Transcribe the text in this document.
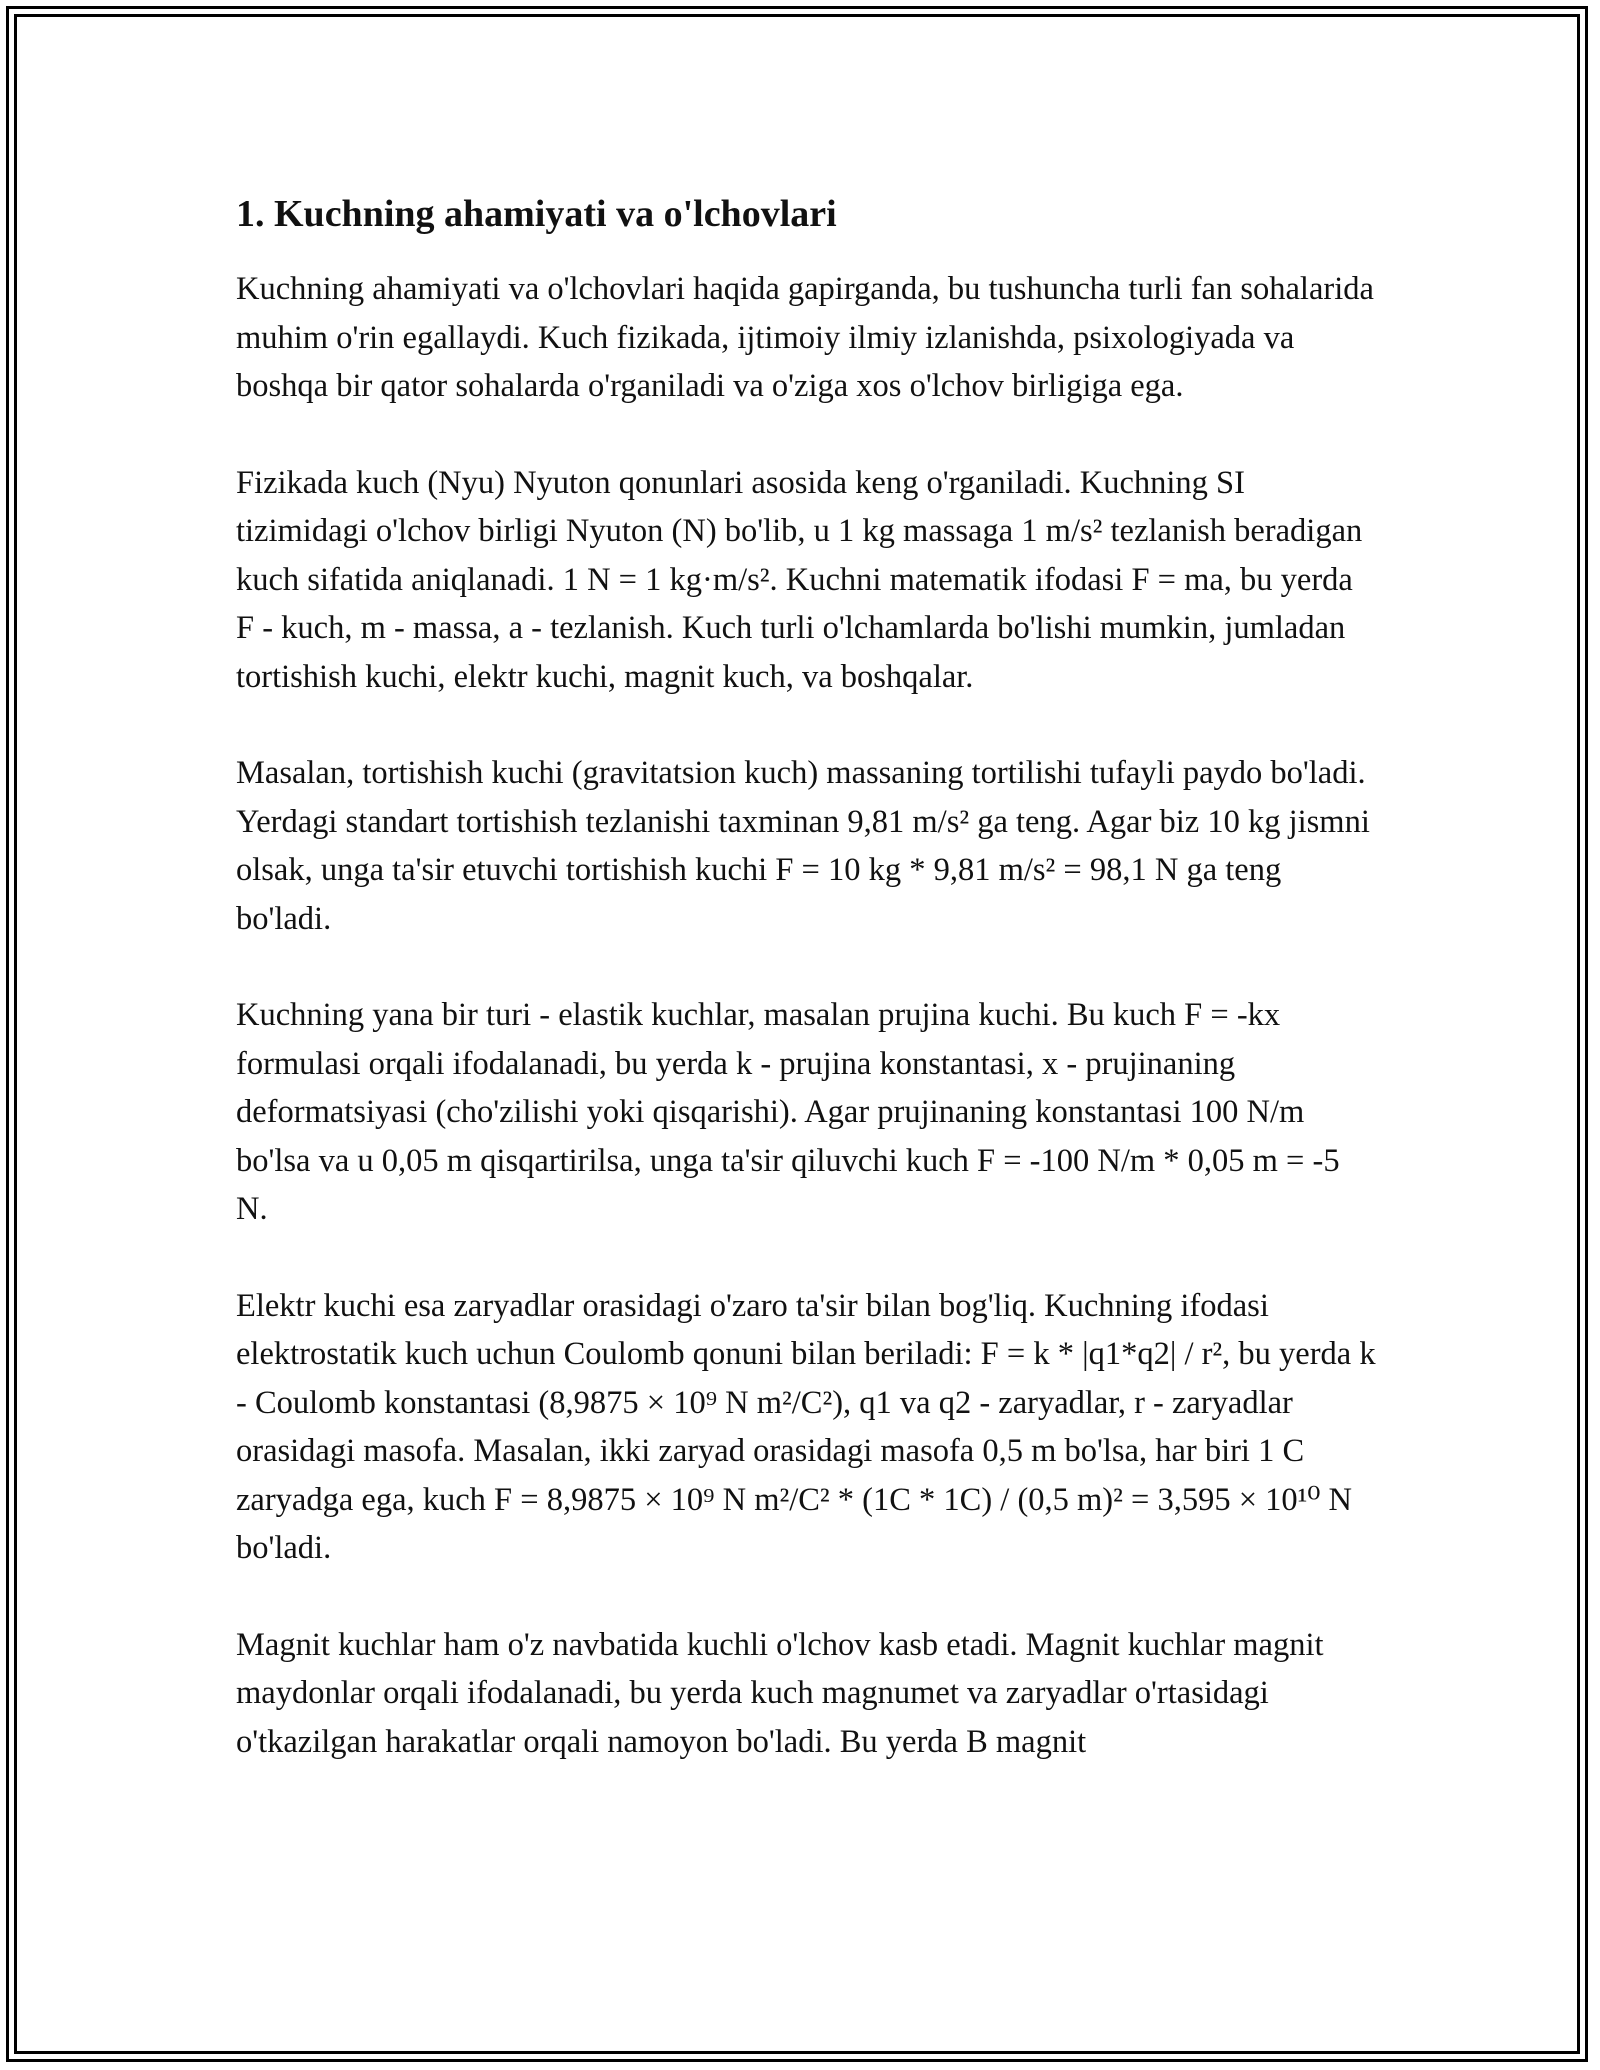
1. Kuchning ahamiyati va o'lchovlari

Kuchning ahamiyati va o'lchovlari haqida gapirganda, bu tushuncha turli fan sohalarida muhim o'rin egallaydi. Kuch fizikada, ijtimoiy ilmiy izlanishda, psixologiyada va boshqa bir qator sohalarda o'rganiladi va o'ziga xos o'lchov birligiga ega.

Fizikada kuch (Nyu) Nyuton qonunlari asosida keng o'rganiladi. Kuchning SI tizimidagi o'lchov birligi Nyuton (N) bo'lib, u 1 kg massaga 1 m/s² tezlanish beradigan kuch sifatida aniqlanadi. 1 N = 1 kg·m/s². Kuchni matematik ifodasi F = ma, bu yerda F - kuch, m - massa, a - tezlanish. Kuch turli o'lchamlarda bo'lishi mumkin, jumladan tortishish kuchi, elektr kuchi, magnit kuch, va boshqalar.

Masalan, tortishish kuchi (gravitatsion kuch) massaning tortilishi tufayli paydo bo'ladi. Yerdagi standart tortishish tezlanishi taxminan 9,81 m/s² ga teng. Agar biz 10 kg jismni olsak, unga ta'sir etuvchi tortishish kuchi F = 10 kg * 9,81 m/s² = 98,1 N ga teng bo'ladi.

Kuchning yana bir turi - elastik kuchlar, masalan prujina kuchi. Bu kuch F = -kx formulasi orqali ifodalanadi, bu yerda k - prujina konstantasi, x - prujinaning deformatsiyasi (cho'zilishi yoki qisqarishi). Agar prujinaning konstantasi 100 N/m bo'lsa va u 0,05 m qisqartirilsa, unga ta'sir qiluvchi kuch F = -100 N/m * 0,05 m = -5 N.

Elektr kuchi esa zaryadlar orasidagi o'zaro ta'sir bilan bog'liq. Kuchning ifodasi elektrostatik kuch uchun Coulomb qonuni bilan beriladi: F = k * |q1*q2| / r², bu yerda k - Coulomb konstantasi (8,9875 × 10⁹ N m²/C²), q1 va q2 - zaryadlar, r - zaryadlar orasidagi masofa. Masalan, ikki zaryad orasidagi masofa 0,5 m bo'lsa, har biri 1 C zaryadga ega, kuch F = 8,9875 × 10⁹ N m²/C² * (1C * 1C) / (0,5 m)² = 3,595 × 10¹⁰ N bo'ladi.

Magnit kuchlar ham o'z navbatida kuchli o'lchov kasb etadi. Magnit kuchlar magnit maydonlar orqali ifodalanadi, bu yerda kuch magnumet va zaryadlar o'rtasidagi o'tkazilgan harakatlar orqali namoyon bo'ladi. Bu yerda B magnit
